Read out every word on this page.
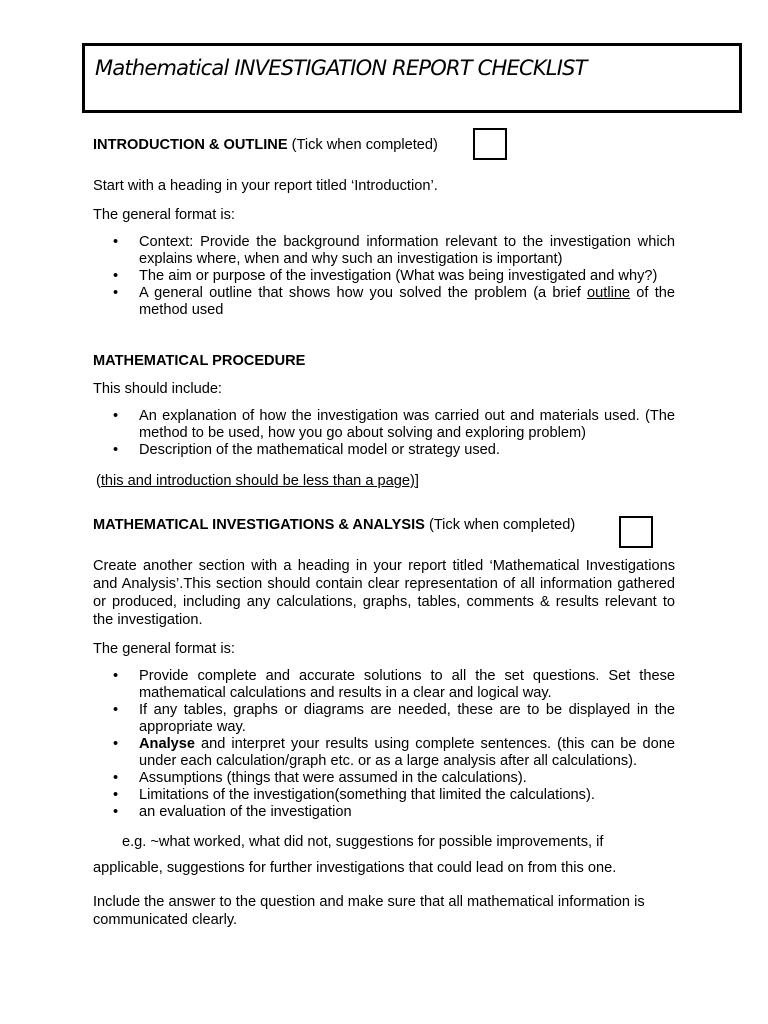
Mathematical INVESTIGATION REPORT CHECKLIST
INTRODUCTION & OUTLINE (Tick when completed)
Start with a heading in your report titled ‘Introduction’.
The general format is:
• Context: Provide the background information relevant to the investigation which explains where, when and why such an investigation is important)
• The aim or purpose of the investigation (What was being investigated and why?)
• A general outline that shows how you solved the problem (a brief outline of the method used
MATHEMATICAL PROCEDURE
This should include:
• An explanation of how the investigation was carried out and materials used. (The method to be used, how you go about solving and exploring problem)
• Description of the mathematical model or strategy used.
(this and introduction should be less than a page)]
MATHEMATICAL INVESTIGATIONS & ANALYSIS (Tick when completed)
Create another section with a heading in your report titled ‘Mathematical Investigations and Analysis’.This section should contain clear representation of all information gathered or produced, including any calculations, graphs, tables, comments & results relevant to the investigation.
The general format is:
• Provide complete and accurate solutions to all the set questions. Set these mathematical calculations and results in a clear and logical way.
• If any tables, graphs or diagrams are needed, these are to be displayed in the appropriate way.
• Analyse and interpret your results using complete sentences. (this can be done under each calculation/graph etc. or as a large analysis after all calculations).
• Assumptions (things that were assumed in the calculations).
• Limitations of the investigation(something that limited the calculations).
• an evaluation of the investigation
e.g. ~what worked, what did not, suggestions for possible improvements, if
applicable, suggestions for further investigations that could lead on from this one.
Include the answer to the question and make sure that all mathematical information is communicated clearly.
